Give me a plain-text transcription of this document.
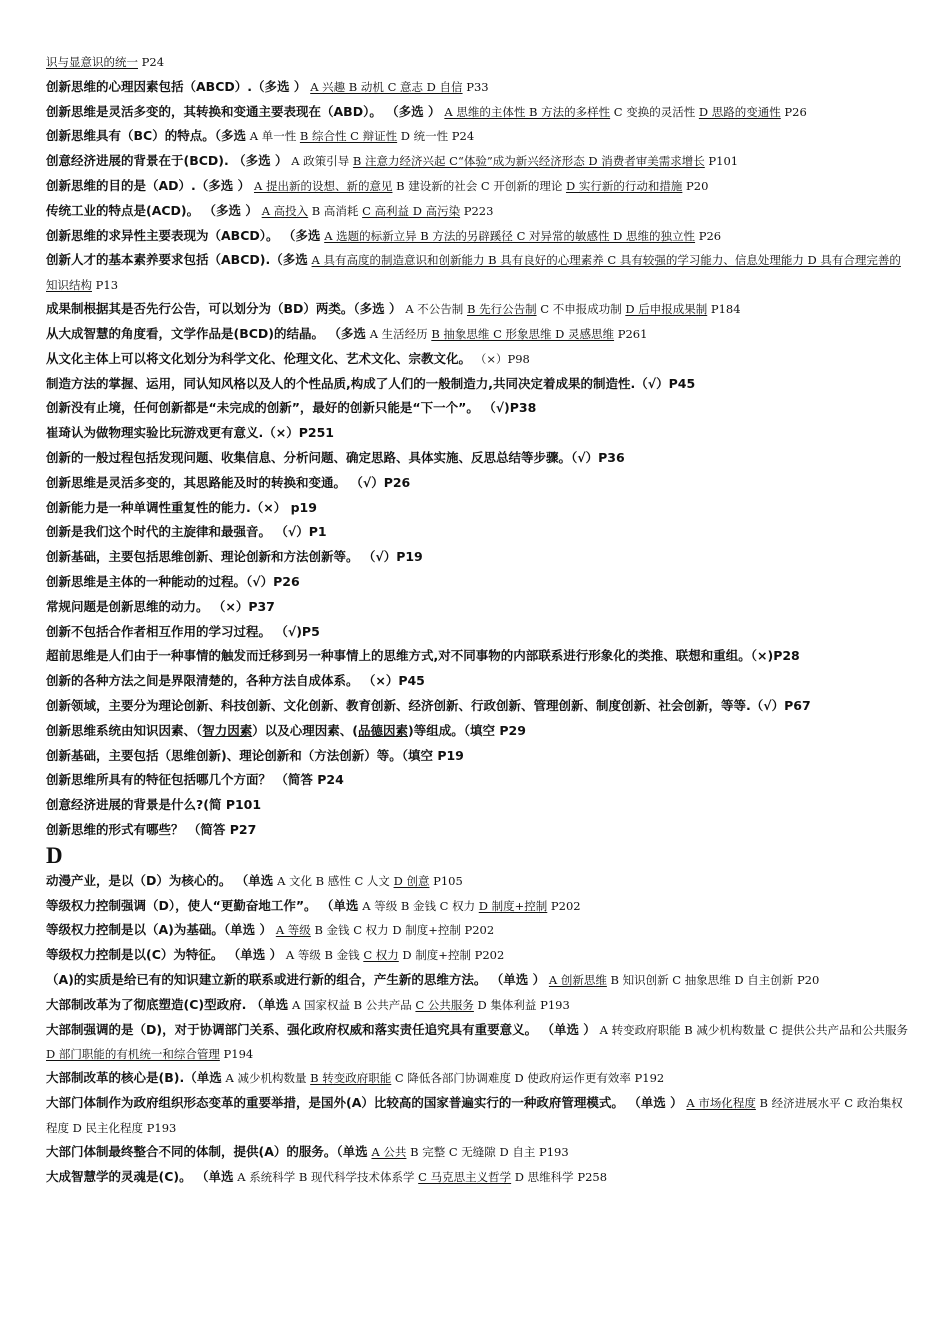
识与显意识的统一 P24
创新思维的心理因素包括（ABCD）.（多选 ） A 兴趣 B 动机 C 意志 D 自信 P33
创新思维是灵活多变的，其转换和变通主要表现在（ABD）。 （多选 ） A 思维的主体性 B 方法的多样性 C 变换的灵活性 D 思路的变通性 P26
创新思维具有（BC）的特点。（多选 A 单一性 B 综合性 C 辩证性 D 统一性 P24
创意经济进展的背景在于(BCD). （多选 ） A 政策引导 B 注意力经济兴起 C“体验”成为新兴经济形态 D 消费者审美需求增长 P101
创新思维的目的是（AD）.（多选 ） A 提出新的设想、新的意见 B 建设新的社会 C 开创新的理论 D 实行新的行动和措施 P20
传统工业的特点是(ACD)。 （多选 ） A 高投入 B 高消耗 C 高利益 D 高污染 P223
创新思维的求异性主要表现为（ABCD）。 （多选 A 选题的标新立异 B 方法的另辟蹊径 C 对异常的敏感性 D 思维的独立性 P26
创新人才的基本素养要求包括（ABCD).（多选 A 具有高度的制造意识和创新能力 B 具有良好的心理素养 C 具有较强的学习能力、信息处理能力 D 具有合理完善的知识结构 P13
成果制根据其是否先行公告，可以划分为（BD）两类。（多选 ） A 不公告制 B 先行公告制 C 不申报成功制 D 后申报成果制 P184
从大成智慧的角度看，文学作品是(BCD)的结晶。 （多选 A 生活经历 B 抽象思维 C 形象思维 D 灵感思维 P261
从文化主体上可以将文化划分为科学文化、伦理文化、艺术文化、宗教文化。 （×）P98
制造方法的掌握、运用，同认知风格以及人的个性品质,构成了人们的一般制造力,共同决定着成果的制造性.（√）P45
创新没有止境，任何创新都是“未完成的创新”，最好的创新只能是“下一个”。 （√)P38
崔琦认为做物理实验比玩游戏更有意义.（×）P251
创新的一般过程包括发现问题、收集信息、分析问题、确定思路、具体实施、反思总结等步骤。（√）P36
创新思维是灵活多变的，其思路能及时的转换和变通。 （√）P26
创新能力是一种单调性重复性的能力.（×） p19
创新是我们这个时代的主旋律和最强音。 （√）P1
创新基础，主要包括思维创新、理论创新和方法创新等。 （√）P19
创新思维是主体的一种能动的过程。（√）P26
常规问题是创新思维的动力。 （×）P37
创新不包括合作者相互作用的学习过程。 （√)P5
超前思维是人们由于一种事情的触发而迁移到另一种事情上的思维方式,对不同事物的内部联系进行形象化的类推、联想和重组。（×)P28
创新的各种方法之间是界限清楚的，各种方法自成体系。 （×）P45
创新领域，主要分为理论创新、科技创新、文化创新、教育创新、经济创新、行政创新、管理创新、制度创新、社会创新，等等.（√）P67
创新思维系统由知识因素、（智力因素）以及心理因素、(品德因素)等组成。（填空 P29
创新基础，主要包括（思维创新)、理论创新和（方法创新）等。（填空 P19
创新思维所具有的特征包括哪几个方面？ （简答 P24
创意经济进展的背景是什么?(简 P101
创新思维的形式有哪些？ （简答 P27
D
动漫产业，是以（D）为核心的。 （单选 A 文化 B 感性 C 人文 D 创意 P105
等级权力控制强调（D），使人“更勤奋地工作”。 （单选 A 等级 B 金钱 C 权力 D 制度+控制 P202
等级权力控制是以（A)为基础。（单选 ） A 等级 B 金钱 C 权力 D 制度+控制 P202
等级权力控制是以(C）为特征。 （单选 ） A 等级 B 金钱 C 权力 D 制度+控制 P202
（A)的实质是给已有的知识建立新的联系或进行新的组合，产生新的思维方法。 （单选 ） A 创新思维 B 知识创新 C 抽象思维 D 自主创新 P20
大部制改革为了彻底塑造(C)型政府. （单选 A 国家权益 B 公共产品 C 公共服务 D 集体利益 P193
大部制强调的是（D)，对于协调部门关系、强化政府权威和落实责任追究具有重要意义。 （单选 ） A 转变政府职能 B 减少机构数量 C 提供公共产品和公共服务 D 部门职能的有机统一和综合管理 P194
大部制改革的核心是(B).（单选 A 减少机构数量 B 转变政府职能 C 降低各部门协调难度 D 使政府运作更有效率 P192
大部门体制作为政府组织形态变革的重要举措，是国外(A）比较高的国家普遍实行的一种政府管理模式。 （单选 ） A 市场化程度 B 经济进展水平 C 政治集权程度 D 民主化程度 P193
大部门体制最终整合不同的体制，提供(A）的服务。（单选 A 公共 B 完整 C 无缝隙 D 自主 P193
大成智慧学的灵魂是(C)。 （单选 A 系统科学 B 现代科学技术体系学 C 马克思主义哲学 D 思维科学 P258
